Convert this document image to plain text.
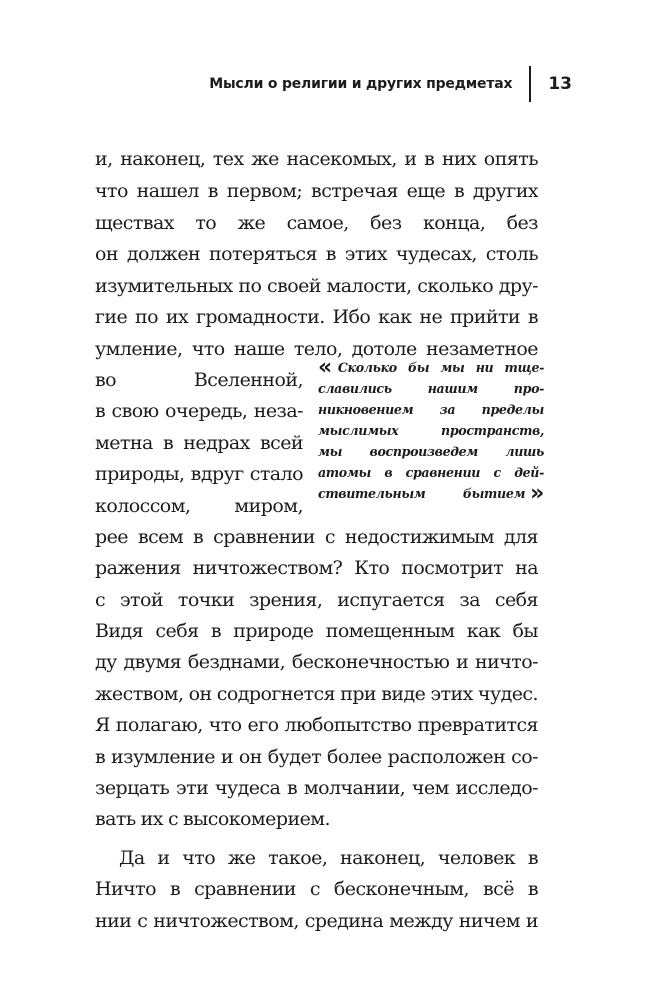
Мысли о религии и других предметах 13
и, наконец, тех же насекомых, и в них опять
что нашел в первом; встречая еще в других
ществах то же самое, без конца, без
он должен потеряться в этих чудесах, столь
изумительных по своей малости, сколько дру-
гие по их громадности. Ибо как не прийти в
умление, что наше тело, дотоле незаметное
во Вселенной,
в свою очередь, неза-
метна в недрах всей
природы, вдруг стало
колоссом, миром,
рее всем в сравнении с недостижимым для
ражения ничтожеством? Кто посмотрит на
с этой точки зрения, испугается за себя
Видя себя в природе помещенным как бы
ду двумя безднами, бесконечностью и ничто-
жеством, он содрогнется при виде этих чудес.
Я полагаю, что его любопытство превратится
в изумление и он будет более расположен со-
зерцать эти чудеса в молчании, чем исследо-
вать их с высокомерием.
Да и что же такое, наконец, человек в
Ничто в сравнении с бесконечным, всё в
нии с ничтожеством, средина между ничем и
« Сколько бы мы ни тще-
славились нашим про-
никновением за пределы
мыслимых пространств,
мы воспроизведем лишь
атомы в сравнении с дей-
ствительным бытием »
